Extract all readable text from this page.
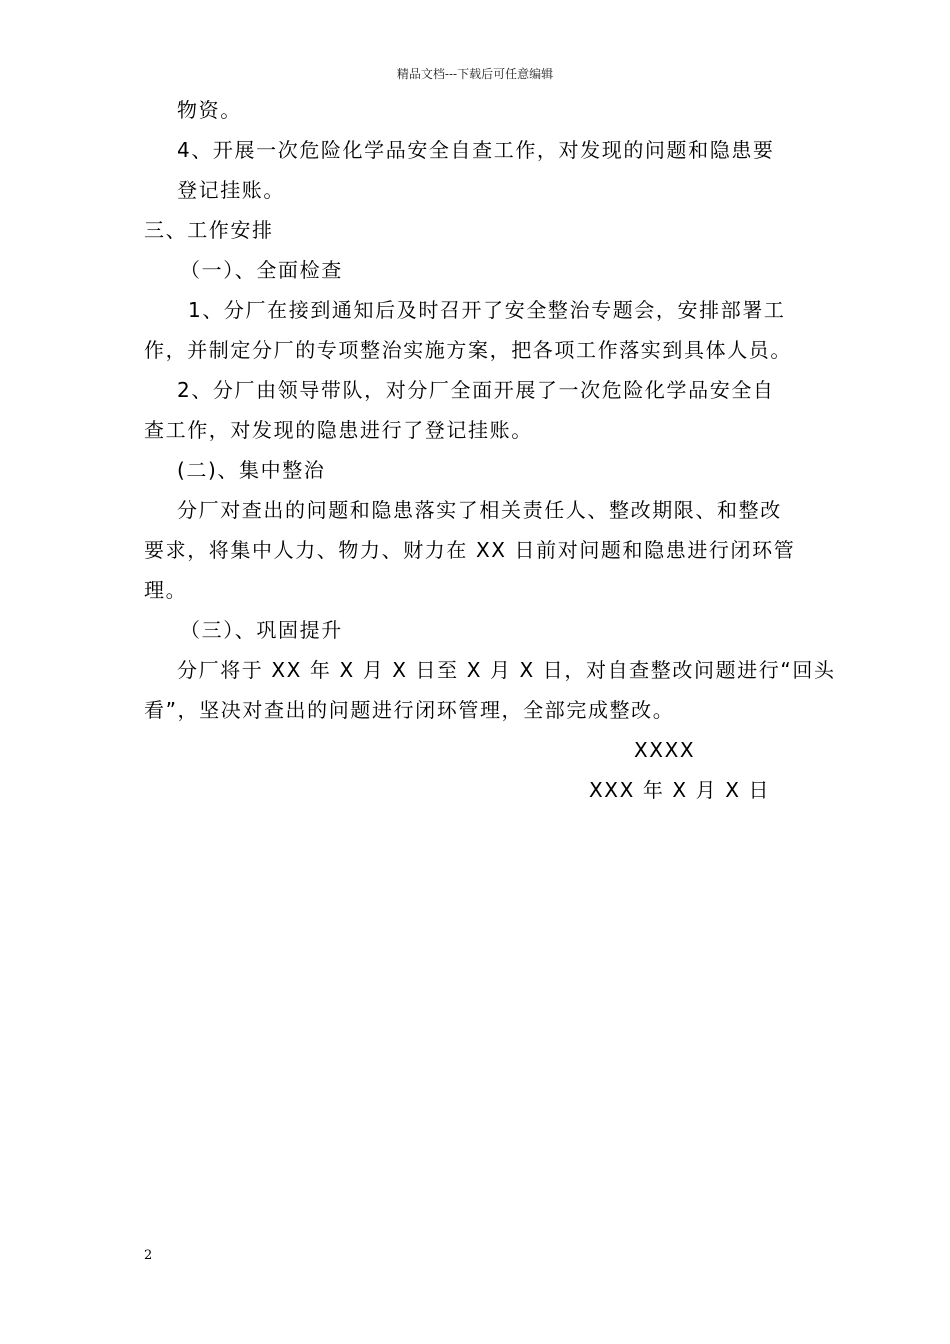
精品文档---下载后可任意编辑
物资。
4、开展一次危险化学品安全自查工作，对发现的问题和隐患要
登记挂账。
三、工作安排
（一）、全面检查
1、分厂在接到通知后及时召开了安全整治专题会，安排部署工
作，并制定分厂的专项整治实施方案，把各项工作落实到具体人员。
2、分厂由领导带队，对分厂全面开展了一次危险化学品安全自
查工作，对发现的隐患进行了登记挂账。
(二)、集中整治
分厂对查出的问题和隐患落实了相关责任人、整改期限、和整改
要求，将集中人力、物力、财力在 XX 日前对问题和隐患进行闭环管
理。
（三）、巩固提升
分厂将于 XX 年 X 月 X 日至 X 月 X 日，对自查整改问题进行“回头
看”，坚决对查出的问题进行闭环管理，全部完成整改。
XXXX
XXX 年 X 月 X 日
2
